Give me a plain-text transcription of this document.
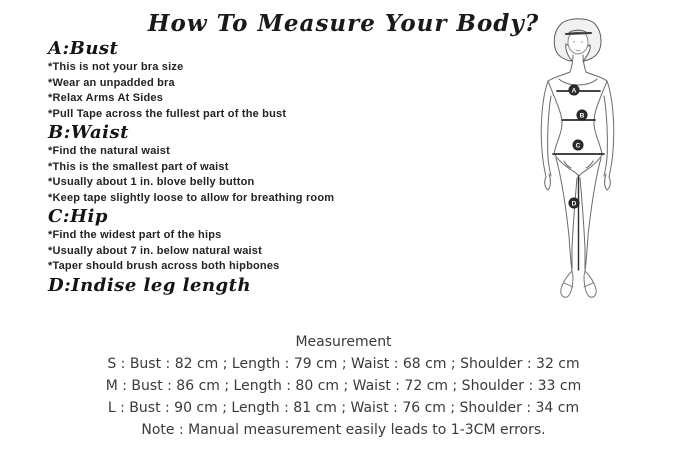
How To Measure Your Body?
A:Bust
*This is not your bra size
*Wear an unpadded bra
*Relax Arms At Sides
*Pull Tape across the fullest part of the bust
B:Waist
*Find the natural waist
*This is the smallest part of waist
*Usually about 1 in. blove belly button
*Keep tape slightly loose to allow for breathing room
C:Hip
*Find the widest part of the hips
*Usually about 7 in. below natural waist
*Taper should brush across both hipbones
D:Indise leg length
A
B
C
D
Measurement
S : Bust : 82 cm ; Length : 79 cm ; Waist : 68 cm ; Shoulder : 32 cm
M : Bust : 86 cm ; Length : 80 cm ; Waist : 72 cm ; Shoulder : 33 cm
L : Bust : 90 cm ; Length : 81 cm ; Waist : 76 cm ; Shoulder : 34 cm
Note : Manual measurement easily leads to 1-3CM errors.
